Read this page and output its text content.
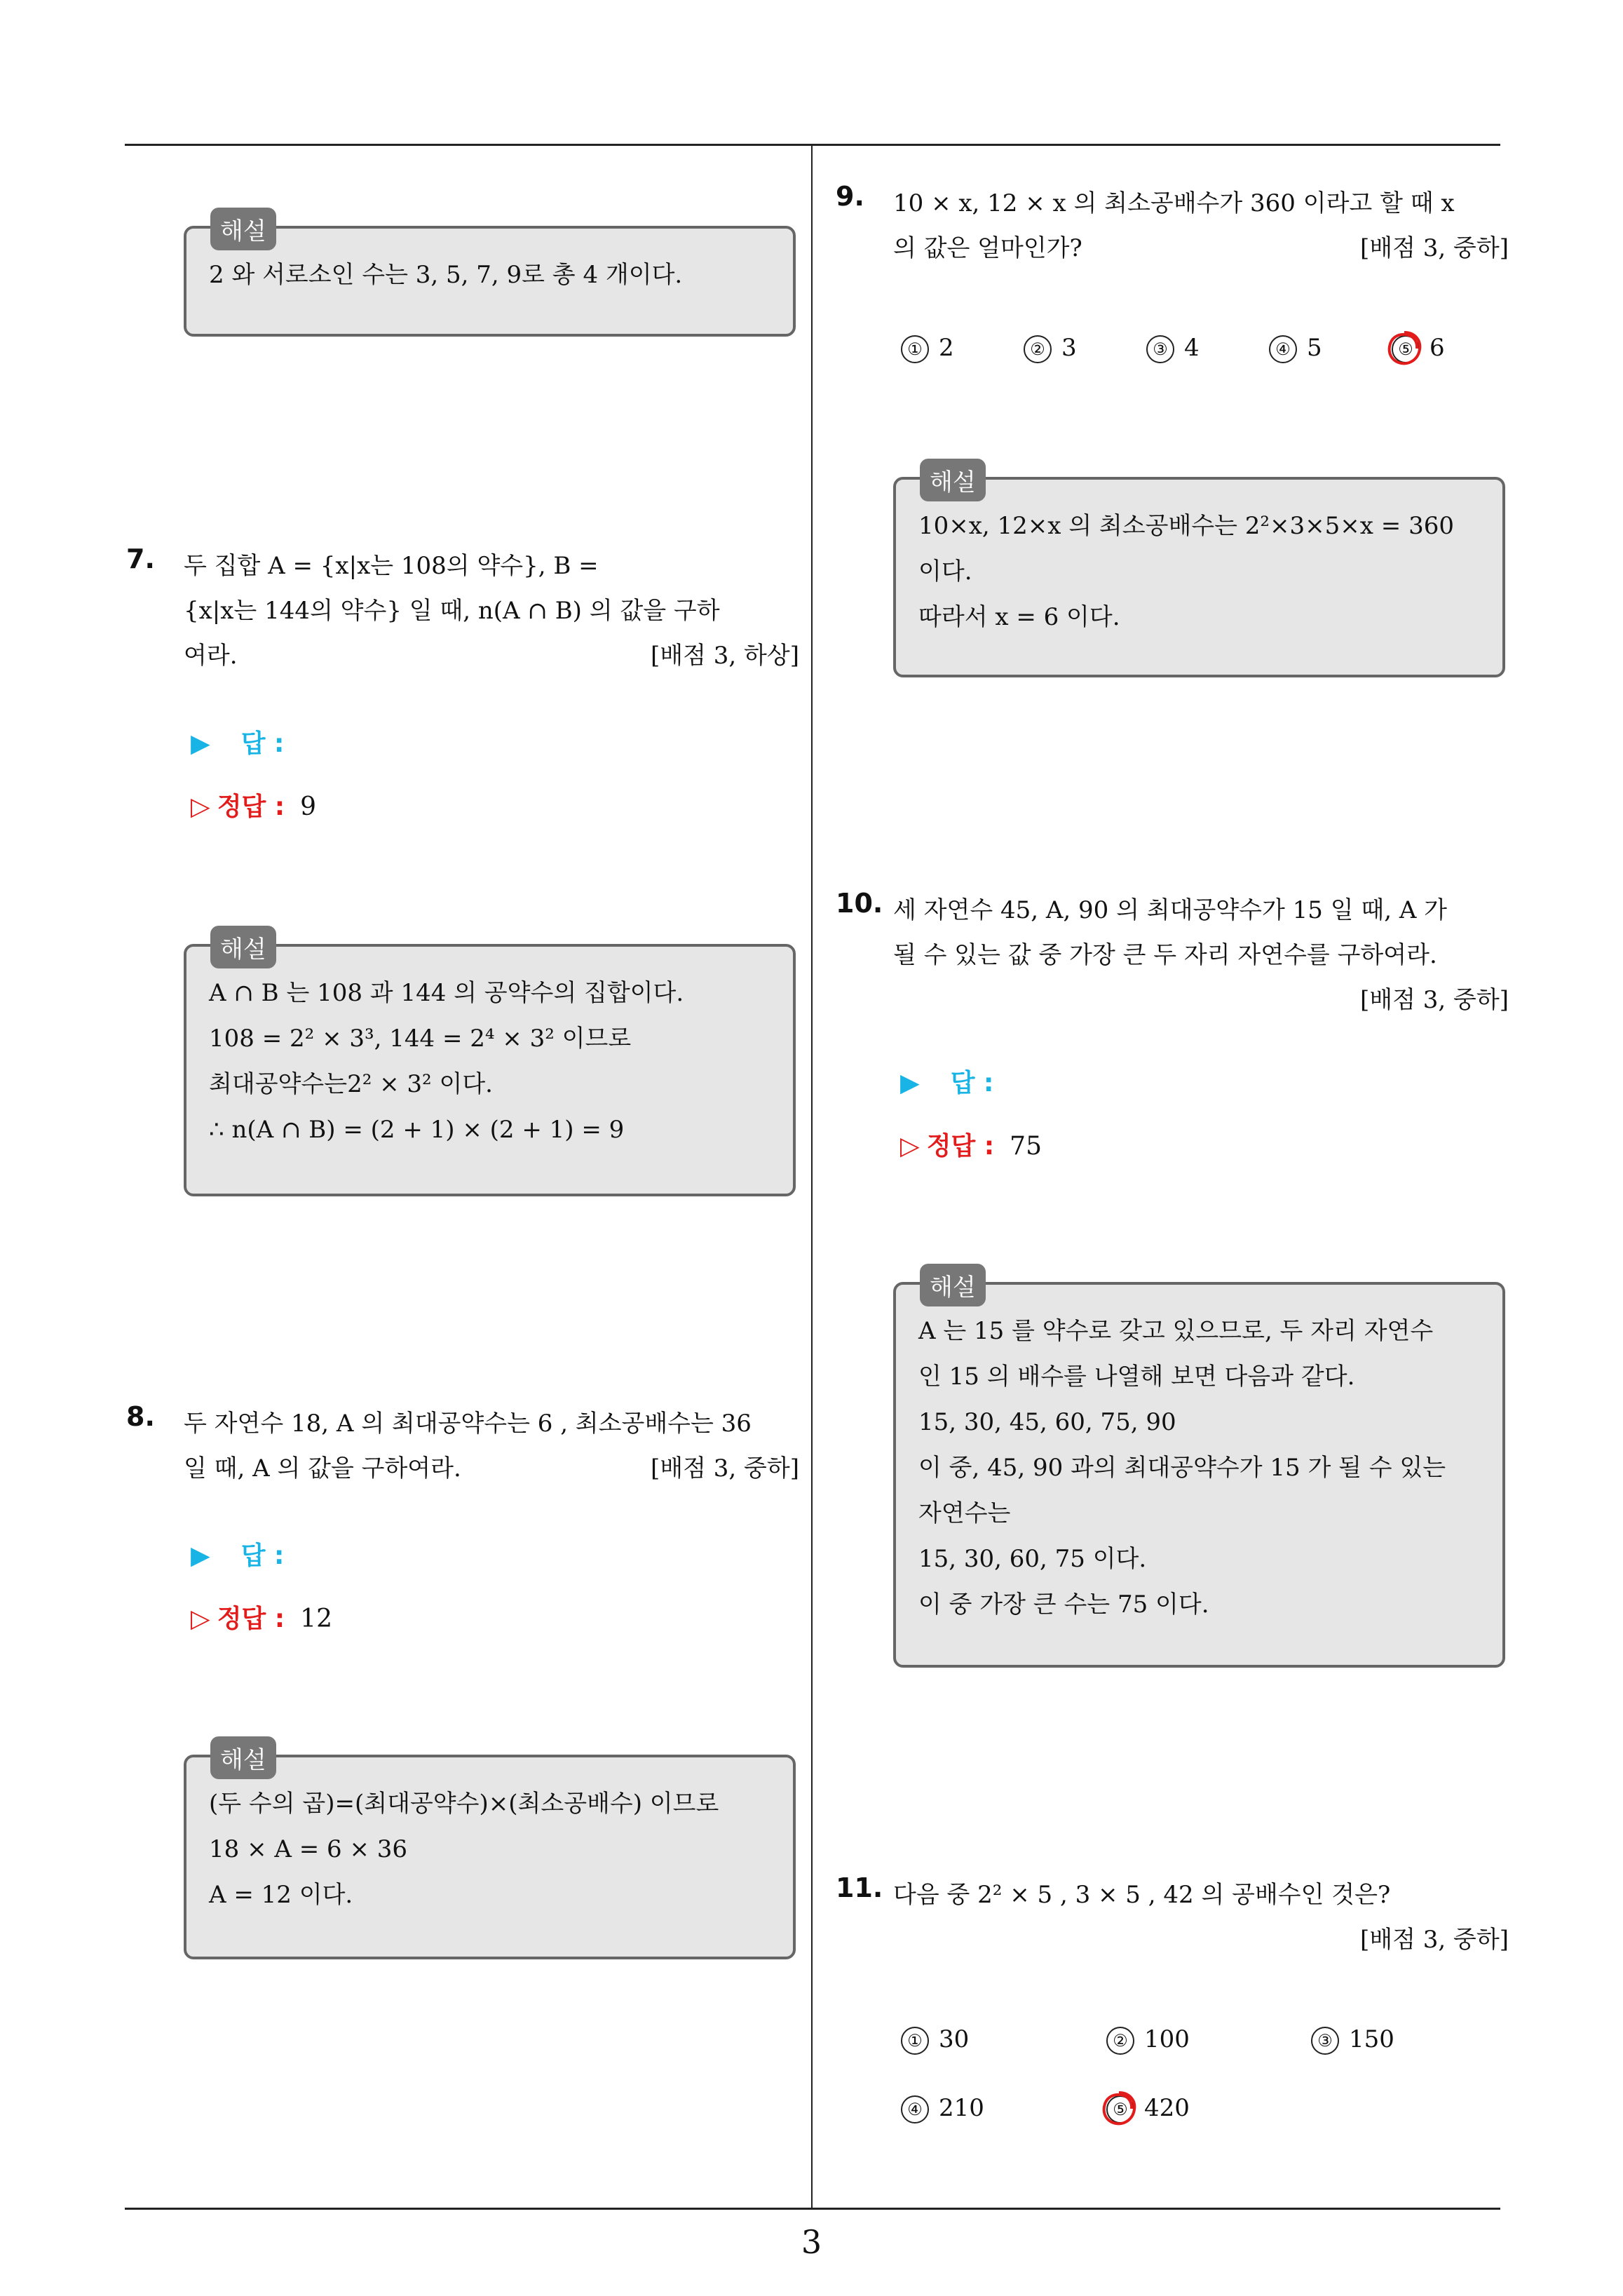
해설
2 와 서로소인 수는 3, 5, 7, 9로 총 4 개이다.
7. 두 집합 A = {x|x는 108의 약수}, B =
{x|x는 144의 약수} 일 때, n(A ∩ B) 의 값을 구하
여라.	[배점 3, 하상]
▶ 답 :
▷ 정답 : 9
해설
A ∩ B 는 108 과 144 의 공약수의 집합이다.
108 = 2² × 3³, 144 = 2⁴ × 3² 이므로
최대공약수는2² × 3² 이다.
∴ n(A ∩ B) = (2 + 1) × (2 + 1) = 9
8. 두 자연수 18, A 의 최대공약수는 6 , 최소공배수는 36
일 때, A 의 값을 구하여라.	[배점 3, 중하]
▶ 답 :
▷ 정답 : 12
해설
(두 수의 곱)=(최대공약수)×(최소공배수) 이므로
18 × A = 6 × 36
A = 12 이다.
9. 10 × x, 12 × x 의 최소공배수가 360 이라고 할 때 x
의 값은 얼마인가?	[배점 3, 중하]
① 2	② 3	③ 4	④ 5	⑤ 6
해설
10×x, 12×x 의 최소공배수는 2²×3×5×x = 360
이다.
따라서 x = 6 이다.
10. 세 자연수 45, A, 90 의 최대공약수가 15 일 때, A 가
될 수 있는 값 중 가장 큰 두 자리 자연수를 구하여라.
[배점 3, 중하]
▶ 답 :
▷ 정답 : 75
해설
A 는 15 를 약수로 갖고 있으므로, 두 자리 자연수
인 15 의 배수를 나열해 보면 다음과 같다.
15, 30, 45, 60, 75, 90
이 중, 45, 90 과의 최대공약수가 15 가 될 수 있는
자연수는
15, 30, 60, 75 이다.
이 중 가장 큰 수는 75 이다.
11. 다음 중 2² × 5 , 3 × 5 , 42 의 공배수인 것은?
[배점 3, 중하]
① 30	② 100	③ 150
④ 210	⑤ 420
3
